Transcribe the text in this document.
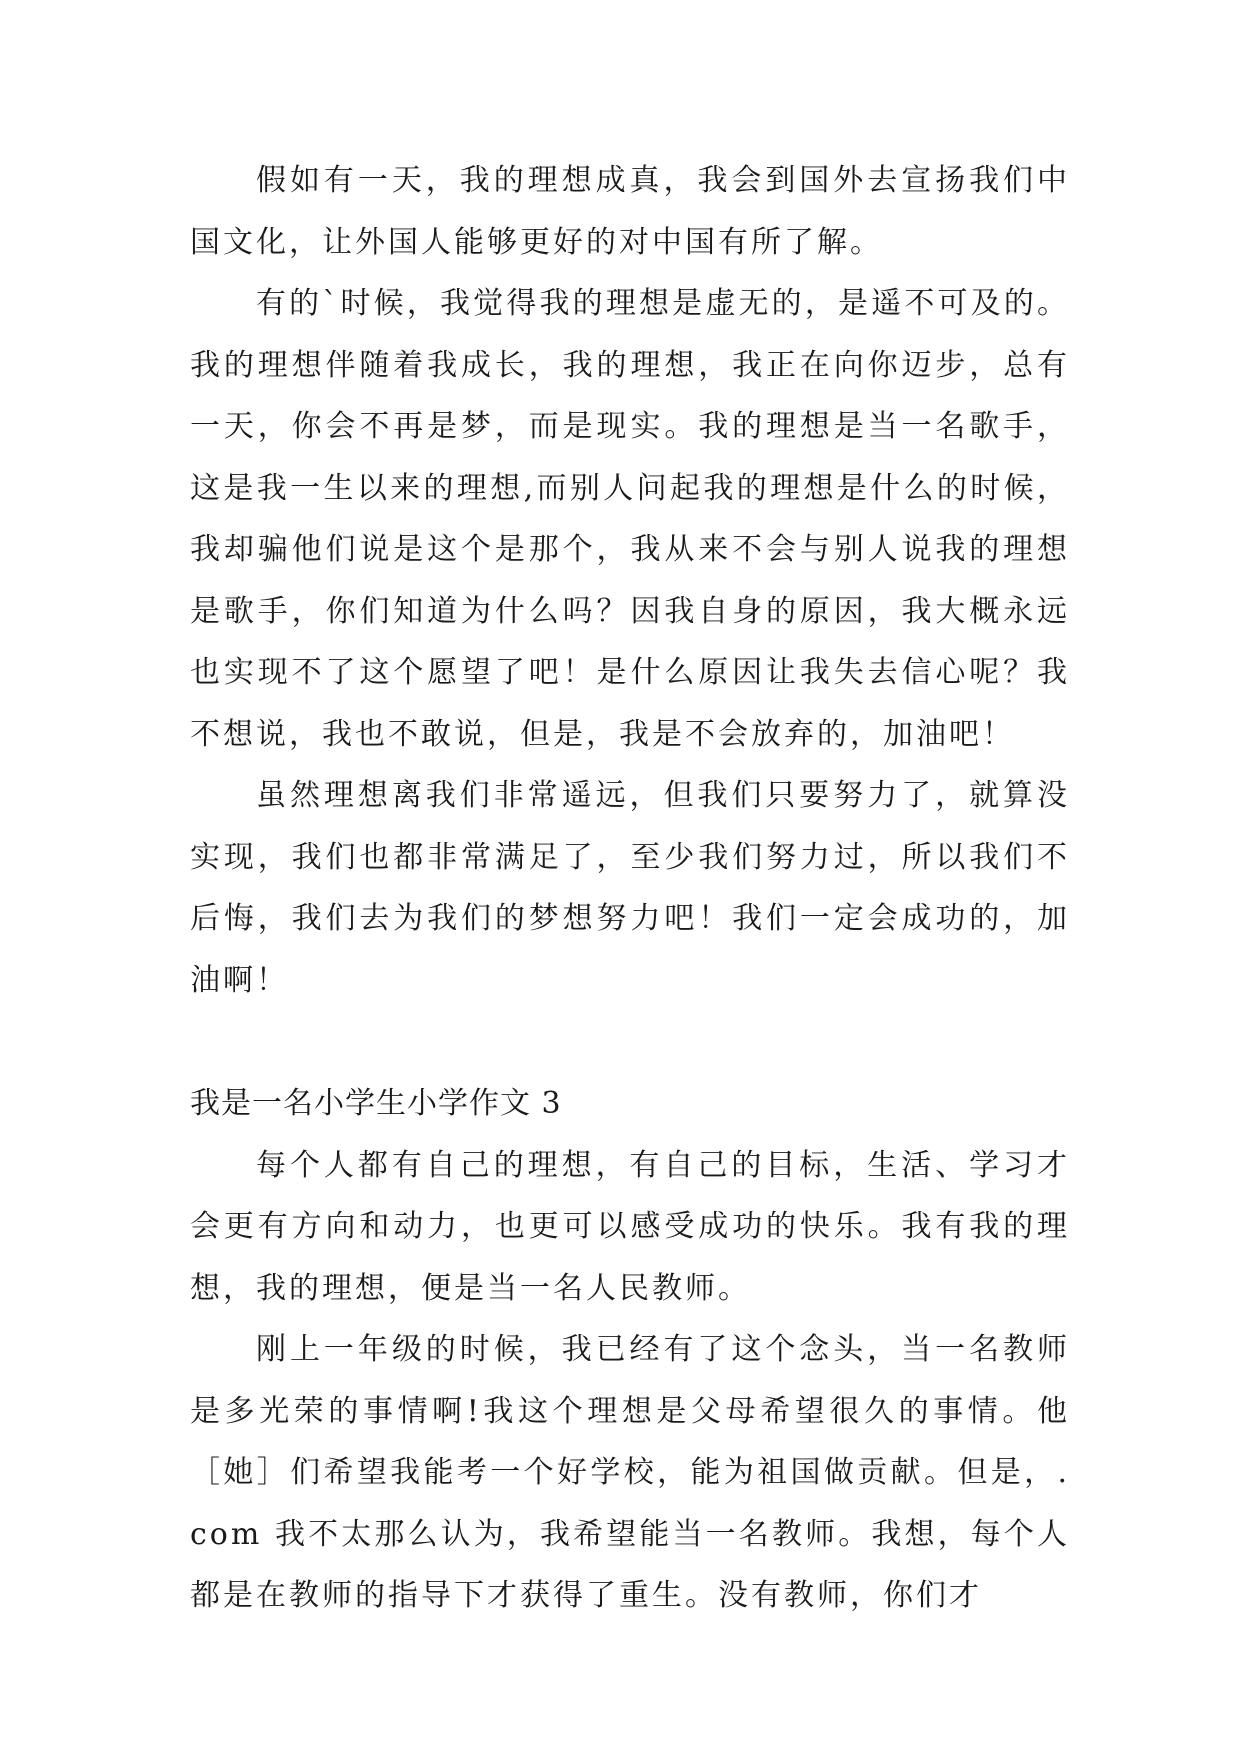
假如有一天，我的理想成真，我会到国外去宣扬我们中国文化，让外国人能够更好的对中国有所了解。

有的`时候，我觉得我的理想是虚无的，是遥不可及的。我的理想伴随着我成长，我的理想，我正在向你迈步，总有一天，你会不再是梦，而是现实。我的理想是当一名歌手，这是我一生以来的理想,而别人问起我的理想是什么的时候，我却骗他们说是这个是那个，我从来不会与别人说我的理想是歌手，你们知道为什么吗？因我自身的原因，我大概永远也实现不了这个愿望了吧！是什么原因让我失去信心呢？我不想说，我也不敢说，但是，我是不会放弃的，加油吧！

虽然理想离我们非常遥远，但我们只要努力了，就算没实现，我们也都非常满足了，至少我们努力过，所以我们不后悔，我们去为我们的梦想努力吧！我们一定会成功的，加油啊！

我是一名小学生小学作文 3

每个人都有自己的理想，有自己的目标，生活、学习才会更有方向和动力，也更可以感受成功的快乐。我有我的理想，我的理想，便是当一名人民教师。

刚上一年级的时候，我已经有了这个念头，当一名教师是多光荣的事情啊!我这个理想是父母希望很久的事情。他［她］们希望我能考一个好学校，能为祖国做贡献。但是，.com 我不太那么认为，我希望能当一名教师。我想，每个人都是在教师的指导下才获得了重生。没有教师，你们才
